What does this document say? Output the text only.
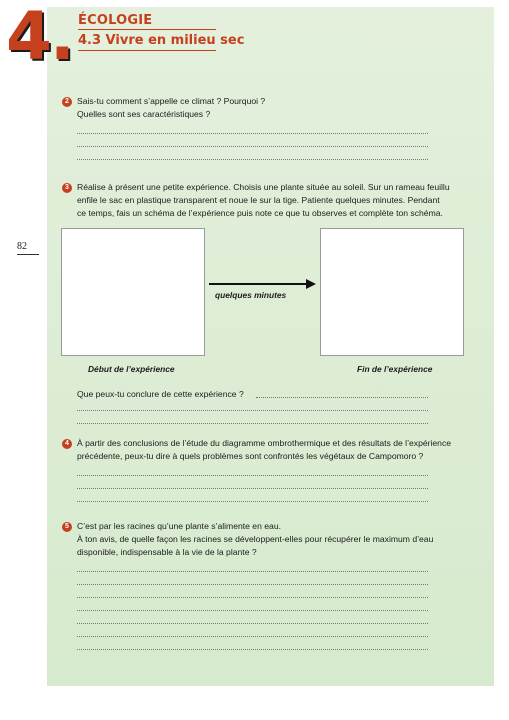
4. ÉCOLOGIE
4.3 Vivre en milieu sec
82
2 Sais-tu comment s’appelle ce climat ? Pourquoi ?
Quelles sont ses caractéristiques ?
3 Réalise à présent une petite expérience. Choisis une plante située au soleil. Sur un rameau feuillu
enfile le sac en plastique transparent et noue le sur la tige. Patiente quelques minutes. Pendant
ce temps, fais un schéma de l’expérience puis note ce que tu observes et complète ton schéma.
quelques minutes
Début de l’expérience	Fin de l’expérience
Que peux-tu conclure de cette expérience ?
4 À partir des conclusions de l’étude du diagramme ombrothermique et des résultats de l’expérience
précédente, peux-tu dire à quels problèmes sont confrontés les végétaux de Campomoro ?
5 C’est par les racines qu’une plante s’alimente en eau.
À ton avis, de quelle façon les racines se développent-elles pour récupérer le maximum d’eau
disponible, indispensable à la vie de la plante ?
